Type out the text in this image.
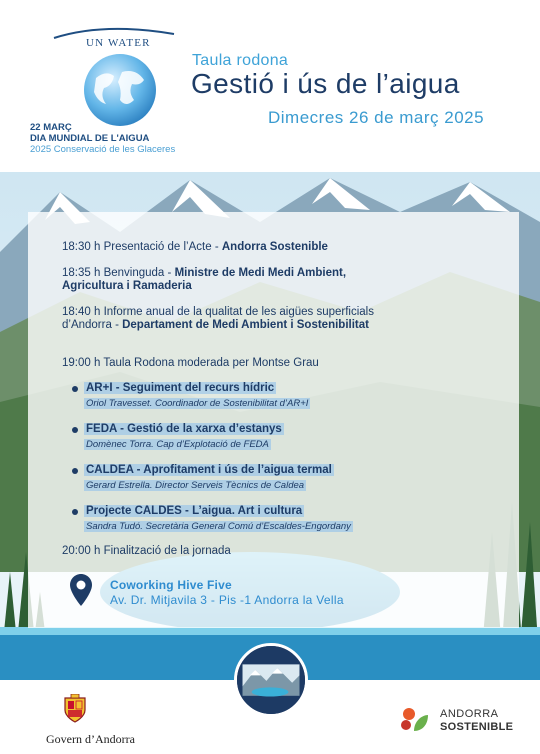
UN WATER
22 MARÇ
DIA MUNDIAL DE L'AIGUA
2025 Conservació de les Glaceres
Taula rodona
Gestió i ús de l’aigua
Dimecres 26 de març 2025
18:30 h Presentació de l’Acte - Andorra Sostenible
18:35 h Benvinguda - Ministre de Medi Medi Ambient,
Agricultura i Ramaderia
18:40 h Informe anual de la qualitat de les aigües superficials
d’Andorra - Departament de Medi Ambient i Sostenibilitat
19:00 h Taula Rodona moderada per Montse Grau
AR+I - Seguiment del recurs hídric
Oriol Travesset. Coordinador de Sostenibilitat d’AR+I
FEDA - Gestió de la xarxa d’estanys
Domènec Torra. Cap d’Explotació de FEDA
CALDEA - Aprofitament i ús de l’aigua termal
Gerard Estrella. Director Serveis Tècnics de Caldea
Projecte CALDES - L’aigua. Art i cultura
Sandra Tudó. Secretària General Comú d’Escaldes-Engordany
20:00 h Finalització de la jornada
Coworking Hive Five
Av. Dr. Mitjavila 3 - Pis -1 Andorra la Vella
Govern d’Andorra
ANDORRA
SOSTENIBLE
